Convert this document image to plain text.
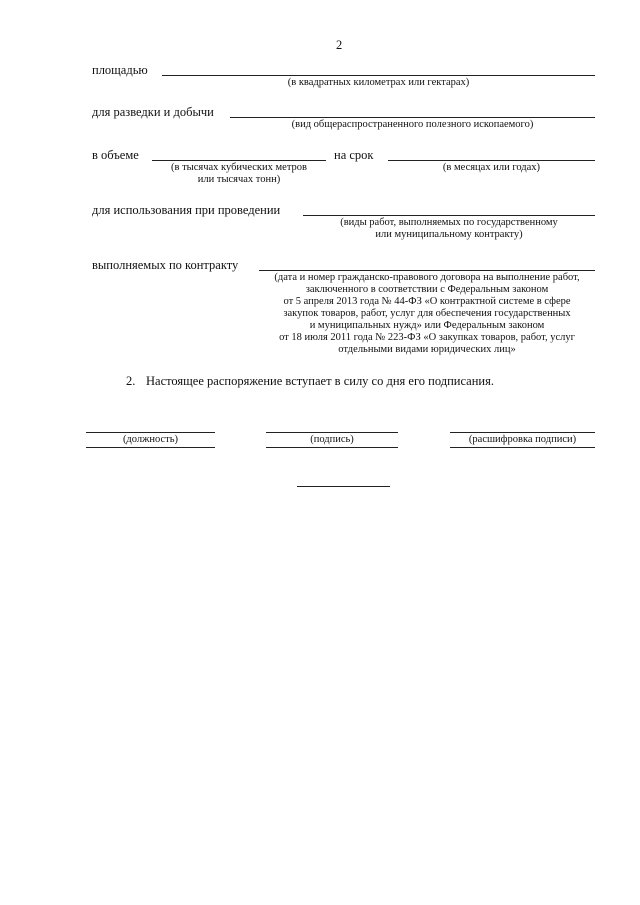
2
площадью
(в квадратных километрах или гектарах)
для разведки и добычи
(вид общераспространенного полезного ископаемого)
в объеме
(в тысячах кубических метров
или тысячах тонн)
на срок
(в месяцах или годах)
для использования при проведении
(виды работ, выполняемых по государственному
или муниципальному контракту)
выполняемых по контракту
(дата и номер гражданско-правового договора на выполнение работ,
заключенного в соответствии с Федеральным законом
от 5 апреля 2013 года № 44-ФЗ «О контрактной системе в сфере
закупок товаров, работ, услуг для обеспечения государственных
и муниципальных нужд» или Федеральным законом
от 18 июля 2011 года № 223-ФЗ «О закупках товаров, работ, услуг
отдельными видами юридических лиц»
2. Настоящее распоряжение вступает в силу со дня его подписания.
(должность)	(подпись)	(расшифровка подписи)
